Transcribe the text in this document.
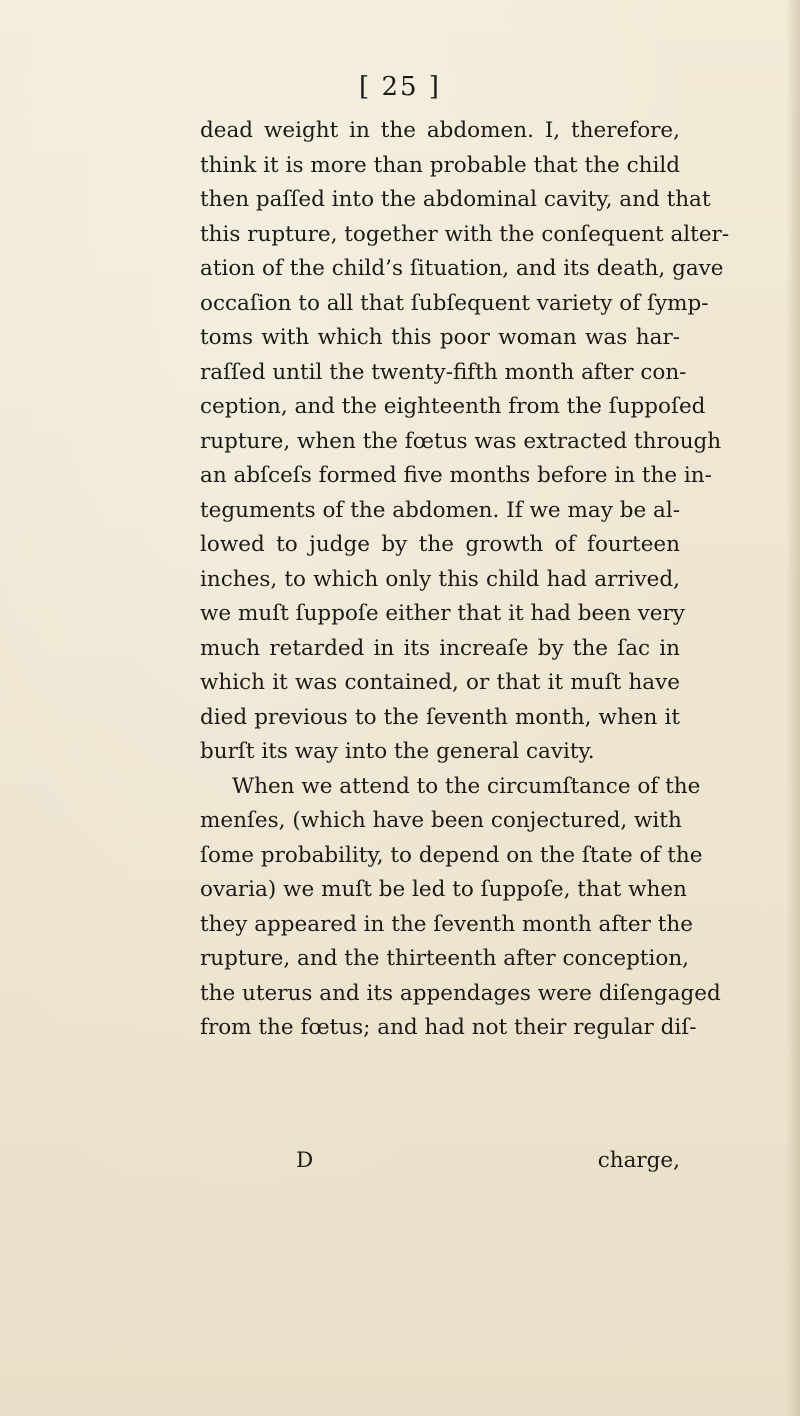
[ 25 ]
dead weight in the abdomen. I, therefore,
think it is more than probable that the child
then paſſed into the abdominal cavity, and that
this rupture, together with the conſequent alter-
ation of the child’s ſituation, and its death, gave
occaſion to all that ſubſequent variety of ſymp-
toms with which this poor woman was har-
raſſed until the twenty-fifth month after con-
ception, and the eighteenth from the ſuppoſed
rupture, when the fœtus was extracted through
an abſceſs formed five months before in the in-
teguments of the abdomen. If we may be al-
lowed to judge by the growth of fourteen
inches, to which only this child had arrived,
we muſt ſuppoſe either that it had been very
much retarded in its increaſe by the ſac in
which it was contained, or that it muſt have
died previous to the ſeventh month, when it
burſt its way into the general cavity.
When we attend to the circumſtance of the
menſes, (which have been conjectured, with
ſome probability, to depend on the ſtate of the
ovaria) we muſt be led to ſuppoſe, that when
they appeared in the ſeventh month after the
rupture, and the thirteenth after conception,
the uterus and its appendages were diſengaged
from the fœtus; and had not their regular diſ-
D	charge,
